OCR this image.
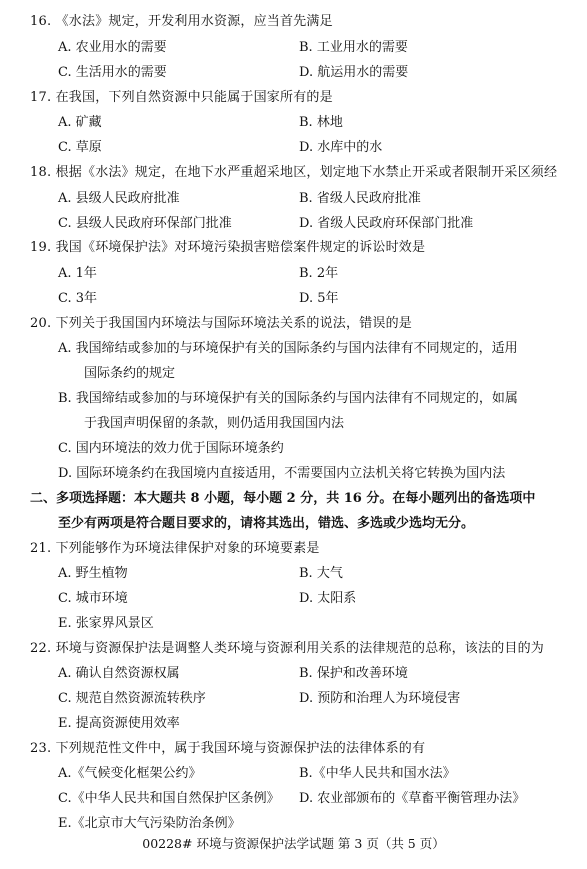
16. 《水法》规定，开发利用水资源，应当首先满足
A. 农业用水的需要	B. 工业用水的需要
C. 生活用水的需要	D. 航运用水的需要
17. 在我国，下列自然资源中只能属于国家所有的是
A. 矿藏	B. 林地
C. 草原	D. 水库中的水
18. 根据《水法》规定，在地下水严重超采地区，划定地下水禁止开采或者限制开采区须经
A. 县级人民政府批准	B. 省级人民政府批准
C. 县级人民政府环保部门批准	D. 省级人民政府环保部门批准
19. 我国《环境保护法》对环境污染损害赔偿案件规定的诉讼时效是
A. 1年	B. 2年
C. 3年	D. 5年
20. 下列关于我国国内环境法与国际环境法关系的说法，错误的是
A. 我国缔结或参加的与环境保护有关的国际条约与国内法律有不同规定的，适用
国际条约的规定
B. 我国缔结或参加的与环境保护有关的国际条约与国内法律有不同规定的，如属
于我国声明保留的条款，则仍适用我国国内法
C. 国内环境法的效力优于国际环境条约
D. 国际环境条约在我国境内直接适用，不需要国内立法机关将它转换为国内法
二、多项选择题：本大题共 8 小题，每小题 2 分，共 16 分。在每小题列出的备选项中
至少有两项是符合题目要求的，请将其选出，错选、多选或少选均无分。
21. 下列能够作为环境法律保护对象的环境要素是
A. 野生植物	B. 大气
C. 城市环境	D. 太阳系
E. 张家界风景区
22. 环境与资源保护法是调整人类环境与资源利用关系的法律规范的总称，该法的目的为
A. 确认自然资源权属	B. 保护和改善环境
C. 规范自然资源流转秩序	D. 预防和治理人为环境侵害
E. 提高资源使用效率
23. 下列规范性文件中，属于我国环境与资源保护法的法律体系的有
A.《气候变化框架公约》	B.《中华人民共和国水法》
C.《中华人民共和国自然保护区条例》 D. 农业部颁布的《草畜平衡管理办法》
E.《北京市大气污染防治条例》
00228# 环境与资源保护法学试题 第 3 页（共 5 页）
